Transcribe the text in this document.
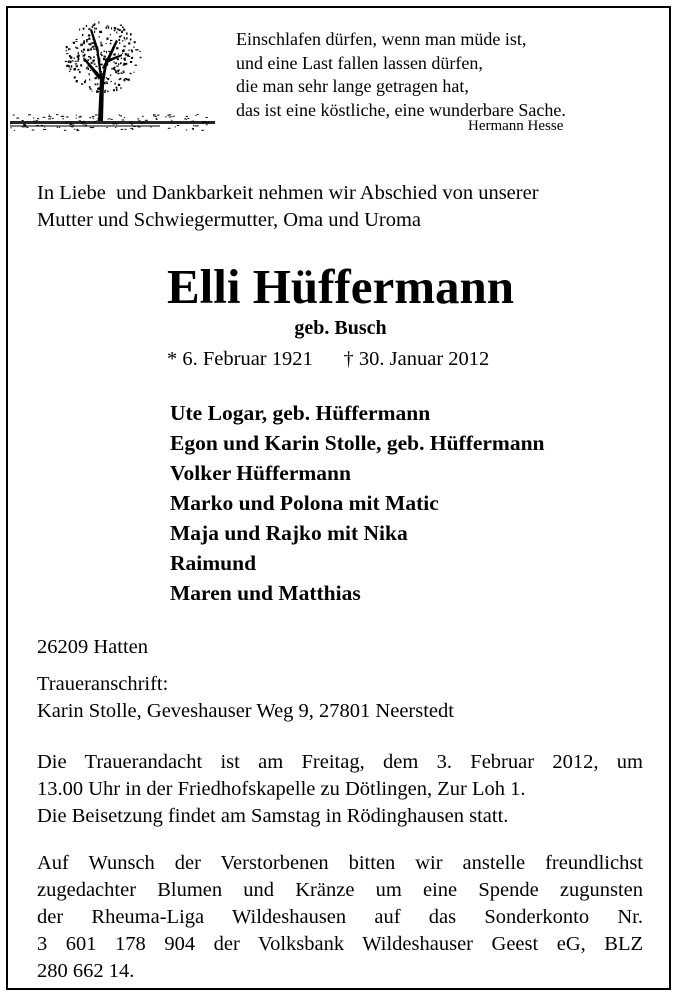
Einschlafen dürfen, wenn man müde ist,
und eine Last fallen lassen dürfen,
die man sehr lange getragen hat,
das ist eine köstliche, eine wunderbare Sache.
Hermann Hesse
In Liebe  und Dankbarkeit nehmen wir Abschied von unserer
Mutter und Schwiegermutter, Oma und Uroma
Elli Hüffermann
geb. Busch
* 6. Februar 1921 † 30. Januar 2012
Ute Logar, geb. Hüffermann
Egon und Karin Stolle, geb. Hüffermann
Volker Hüffermann
Marko und Polona mit Matic
Maja und Rajko mit Nika
Raimund
Maren und Matthias
26209 Hatten
Traueranschrift:
Karin Stolle, Geveshauser Weg 9, 27801 Neerstedt
Die Trauerandacht ist am Freitag, dem 3. Februar 2012, um
13.00 Uhr in der Friedhofskapelle zu Dötlingen, Zur Loh 1.
Die Beisetzung findet am Samstag in Rödinghausen statt.
Auf Wunsch der Verstorbenen bitten wir anstelle freundlichst
zugedachter Blumen und Kränze um eine Spende zugunsten
der Rheuma-Liga Wildeshausen auf das Sonderkonto Nr.
3 601 178 904 der Volksbank Wildeshauser Geest eG, BLZ
280 662 14.
